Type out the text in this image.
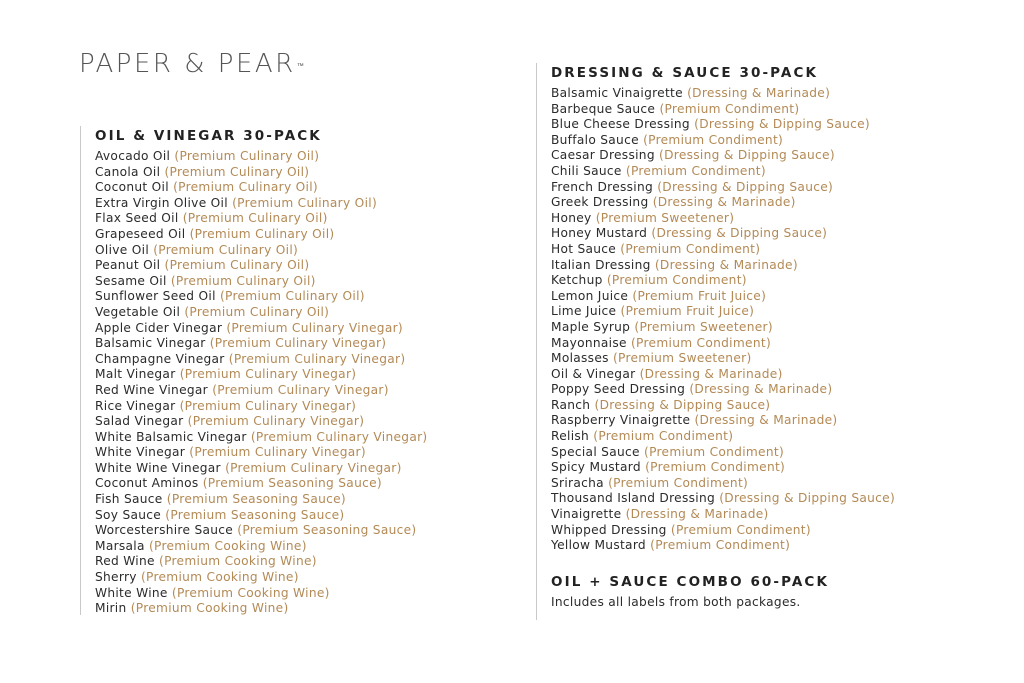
PAPER & PEAR™
OIL & VINEGAR 30-PACK
Avocado Oil (Premium Culinary Oil)
Canola Oil (Premium Culinary Oil)
Coconut Oil (Premium Culinary Oil)
Extra Virgin Olive Oil (Premium Culinary Oil)
Flax Seed Oil (Premium Culinary Oil)
Grapeseed Oil (Premium Culinary Oil)
Olive Oil (Premium Culinary Oil)
Peanut Oil (Premium Culinary Oil)
Sesame Oil (Premium Culinary Oil)
Sunflower Seed Oil (Premium Culinary Oil)
Vegetable Oil (Premium Culinary Oil)
Apple Cider Vinegar (Premium Culinary Vinegar)
Balsamic Vinegar (Premium Culinary Vinegar)
Champagne Vinegar (Premium Culinary Vinegar)
Malt Vinegar (Premium Culinary Vinegar)
Red Wine Vinegar (Premium Culinary Vinegar)
Rice Vinegar (Premium Culinary Vinegar)
Salad Vinegar (Premium Culinary Vinegar)
White Balsamic Vinegar (Premium Culinary Vinegar)
White Vinegar (Premium Culinary Vinegar)
White Wine Vinegar (Premium Culinary Vinegar)
Coconut Aminos (Premium Seasoning Sauce)
Fish Sauce (Premium Seasoning Sauce)
Soy Sauce (Premium Seasoning Sauce)
Worcestershire Sauce (Premium Seasoning Sauce)
Marsala (Premium Cooking Wine)
Red Wine (Premium Cooking Wine)
Sherry (Premium Cooking Wine)
White Wine (Premium Cooking Wine)
Mirin (Premium Cooking Wine)
DRESSING & SAUCE 30-PACK
Balsamic Vinaigrette (Dressing & Marinade)
Barbeque Sauce (Premium Condiment)
Blue Cheese Dressing (Dressing & Dipping Sauce)
Buffalo Sauce (Premium Condiment)
Caesar Dressing (Dressing & Dipping Sauce)
Chili Sauce (Premium Condiment)
French Dressing (Dressing & Dipping Sauce)
Greek Dressing (Dressing & Marinade)
Honey (Premium Sweetener)
Honey Mustard (Dressing & Dipping Sauce)
Hot Sauce (Premium Condiment)
Italian Dressing (Dressing & Marinade)
Ketchup (Premium Condiment)
Lemon Juice (Premium Fruit Juice)
Lime Juice (Premium Fruit Juice)
Maple Syrup (Premium Sweetener)
Mayonnaise (Premium Condiment)
Molasses (Premium Sweetener)
Oil & Vinegar (Dressing & Marinade)
Poppy Seed Dressing (Dressing & Marinade)
Ranch (Dressing & Dipping Sauce)
Raspberry Vinaigrette (Dressing & Marinade)
Relish (Premium Condiment)
Special Sauce (Premium Condiment)
Spicy Mustard (Premium Condiment)
Sriracha (Premium Condiment)
Thousand Island Dressing (Dressing & Dipping Sauce)
Vinaigrette (Dressing & Marinade)
Whipped Dressing (Premium Condiment)
Yellow Mustard (Premium Condiment)
OIL + SAUCE COMBO 60-PACK
Includes all labels from both packages.
